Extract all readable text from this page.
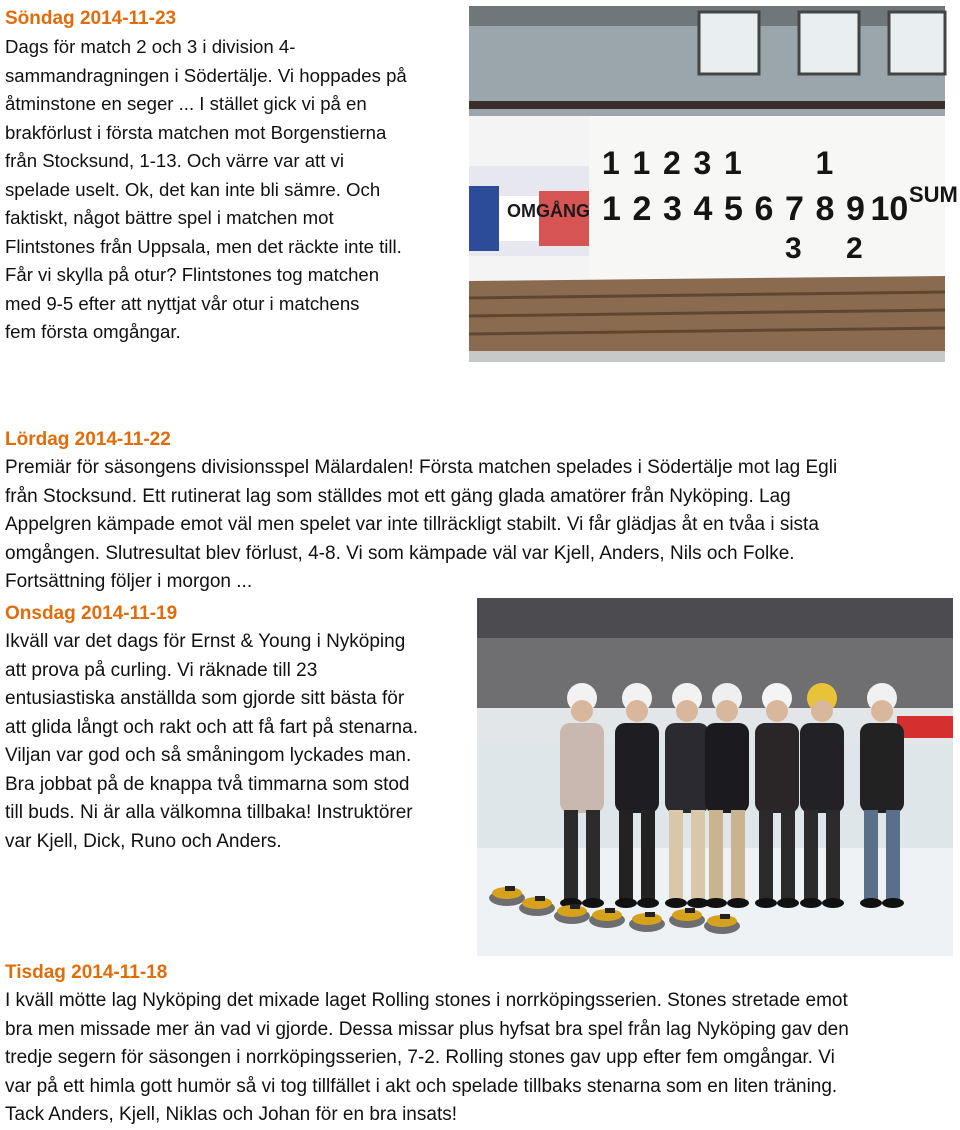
Söndag 2014-11-23
Dags för match 2 och 3 i division 4-
sammandragningen i Södertälje. Vi hoppades på
åtminstone en seger ... I stället gick vi på en
brakförlust i första matchen mot Borgenstierna
från Stocksund, 1-13. Och värre var att vi
spelade uselt. Ok, det kan inte bli sämre. Och
faktiskt, något bättre spel i matchen mot
Flintstones från Uppsala, men det räckte inte till.
Får vi skylla på otur? Flintstones tog matchen
med 9-5 efter att nyttjat vår otur i matchens
fem första omgångar.
OMGÅNG
1 1 2 3 1 1
1 2 3 4 5 6 7 8 9 10
3 2
SUM
Lördag 2014-11-22
Premiär för säsongens divisionsspel Mälardalen! Första matchen spelades i Södertälje mot lag Egli
från Stocksund. Ett rutinerat lag som ställdes mot ett gäng glada amatörer från Nyköping. Lag
Appelgren kämpade emot väl men spelet var inte tillräckligt stabilt. Vi får glädjas åt en tvåa i sista
omgången. Slutresultat blev förlust, 4-8. Vi som kämpade väl var Kjell, Anders, Nils och Folke.
Fortsättning följer i morgon ...
Onsdag 2014-11-19
Ikväll var det dags för Ernst & Young i Nyköping
att prova på curling. Vi räknade till 23
entusiastiska anställda som gjorde sitt bästa för
att glida långt och rakt och att få fart på stenarna.
Viljan var god och så småningom lyckades man.
Bra jobbat på de knappa två timmarna som stod
till buds. Ni är alla välkomna tillbaka! Instruktörer
var Kjell, Dick, Runo och Anders.
Tisdag 2014-11-18
I kväll mötte lag Nyköping det mixade laget Rolling stones i norrköpingsserien. Stones stretade emot
bra men missade mer än vad vi gjorde. Dessa missar plus hyfsat bra spel från lag Nyköping gav den
tredje segern för säsongen i norrköpingsserien, 7-2. Rolling stones gav upp efter fem omgångar. Vi
var på ett himla gott humör så vi tog tillfället i akt och spelade tillbaks stenarna som en liten träning.
Tack Anders, Kjell, Niklas och Johan för en bra insats!
